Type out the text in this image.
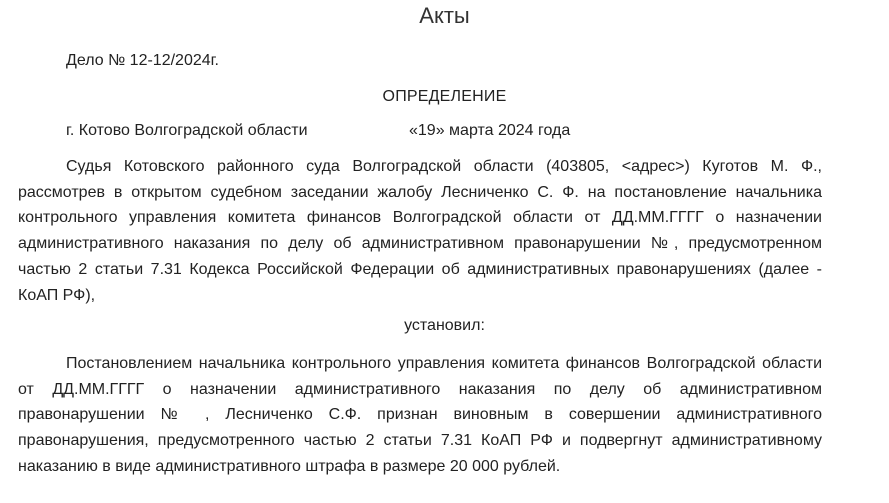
Акты
Дело № 12-12/2024г.
ОПРЕДЕЛЕНИЕ
г. Котово Волгоградской области	«19» марта 2024 года

Судья Котовского районного суда Волгоградской области (403805, <адрес>) Куготов М. Ф., рассмотрев в открытом судебном заседании жалобу Лесниченко С. Ф. на постановление начальника контрольного управления комитета финансов Волгоградской области от ДД.ММ.ГГГГ о назначении административного наказания по делу об административном правонарушении №, предусмотренном частью 2 статьи 7.31 Кодекса Российской Федерации об административных правонарушениях (далее - КоАП РФ),

установил:

Постановлением начальника контрольного управления комитета финансов Волгоградской области от ДД.ММ.ГГГГ о назначении административного наказания по делу об административном правонарушении № , Лесниченко С.Ф. признан виновным в совершении административного правонарушения, предусмотренного частью 2 статьи 7.31 КоАП РФ и подвергнут административному наказанию в виде административного штрафа в размере 20 000 рублей.
